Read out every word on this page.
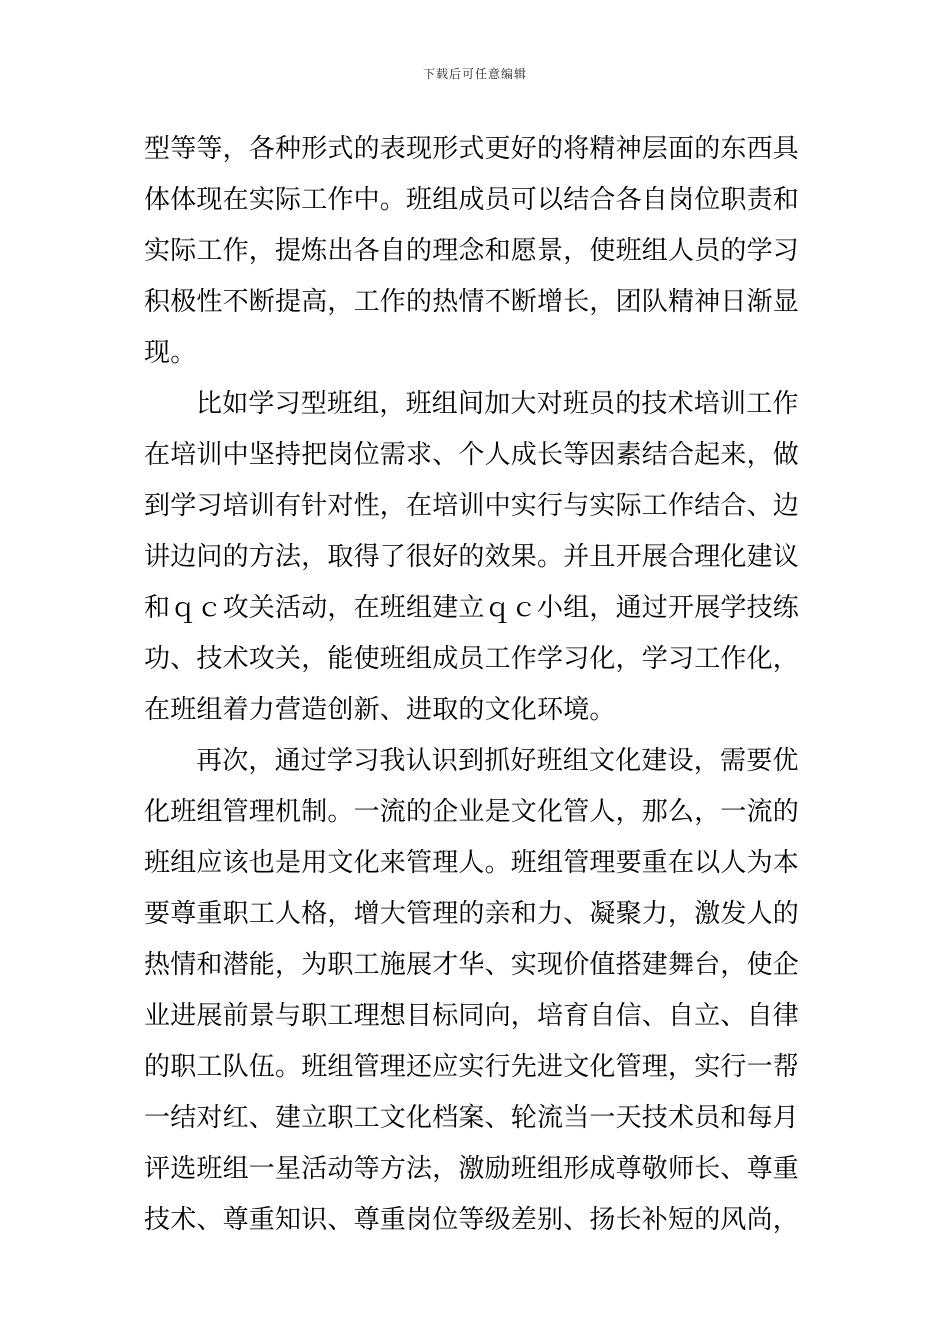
下载后可任意编辑
型等等，各种形式的表现形式更好的将精神层面的东西具
体体现在实际工作中。班组成员可以结合各自岗位职责和
实际工作，提炼出各自的理念和愿景，使班组人员的学习
积极性不断提高，工作的热情不断增长，团队精神日渐显
现。
比如学习型班组，班组间加大对班员的技术培训工作
在培训中坚持把岗位需求、个人成长等因素结合起来，做
到学习培训有针对性，在培训中实行与实际工作结合、边
讲边问的方法，取得了很好的效果。并且开展合理化建议
和ｑｃ攻关活动，在班组建立ｑｃ小组，通过开展学技练
功、技术攻关，能使班组成员工作学习化，学习工作化，
在班组着力营造创新、进取的文化环境。
再次，通过学习我认识到抓好班组文化建设，需要优
化班组管理机制。一流的企业是文化管人，那么，一流的
班组应该也是用文化来管理人。班组管理要重在以人为本
要尊重职工人格，增大管理的亲和力、凝聚力，激发人的
热情和潜能，为职工施展才华、实现价值搭建舞台，使企
业进展前景与职工理想目标同向，培育自信、自立、自律
的职工队伍。班组管理还应实行先进文化管理，实行一帮
一结对红、建立职工文化档案、轮流当一天技术员和每月
评选班组一星活动等方法，激励班组形成尊敬师长、尊重
技术、尊重知识、尊重岗位等级差别、扬长补短的风尚，
